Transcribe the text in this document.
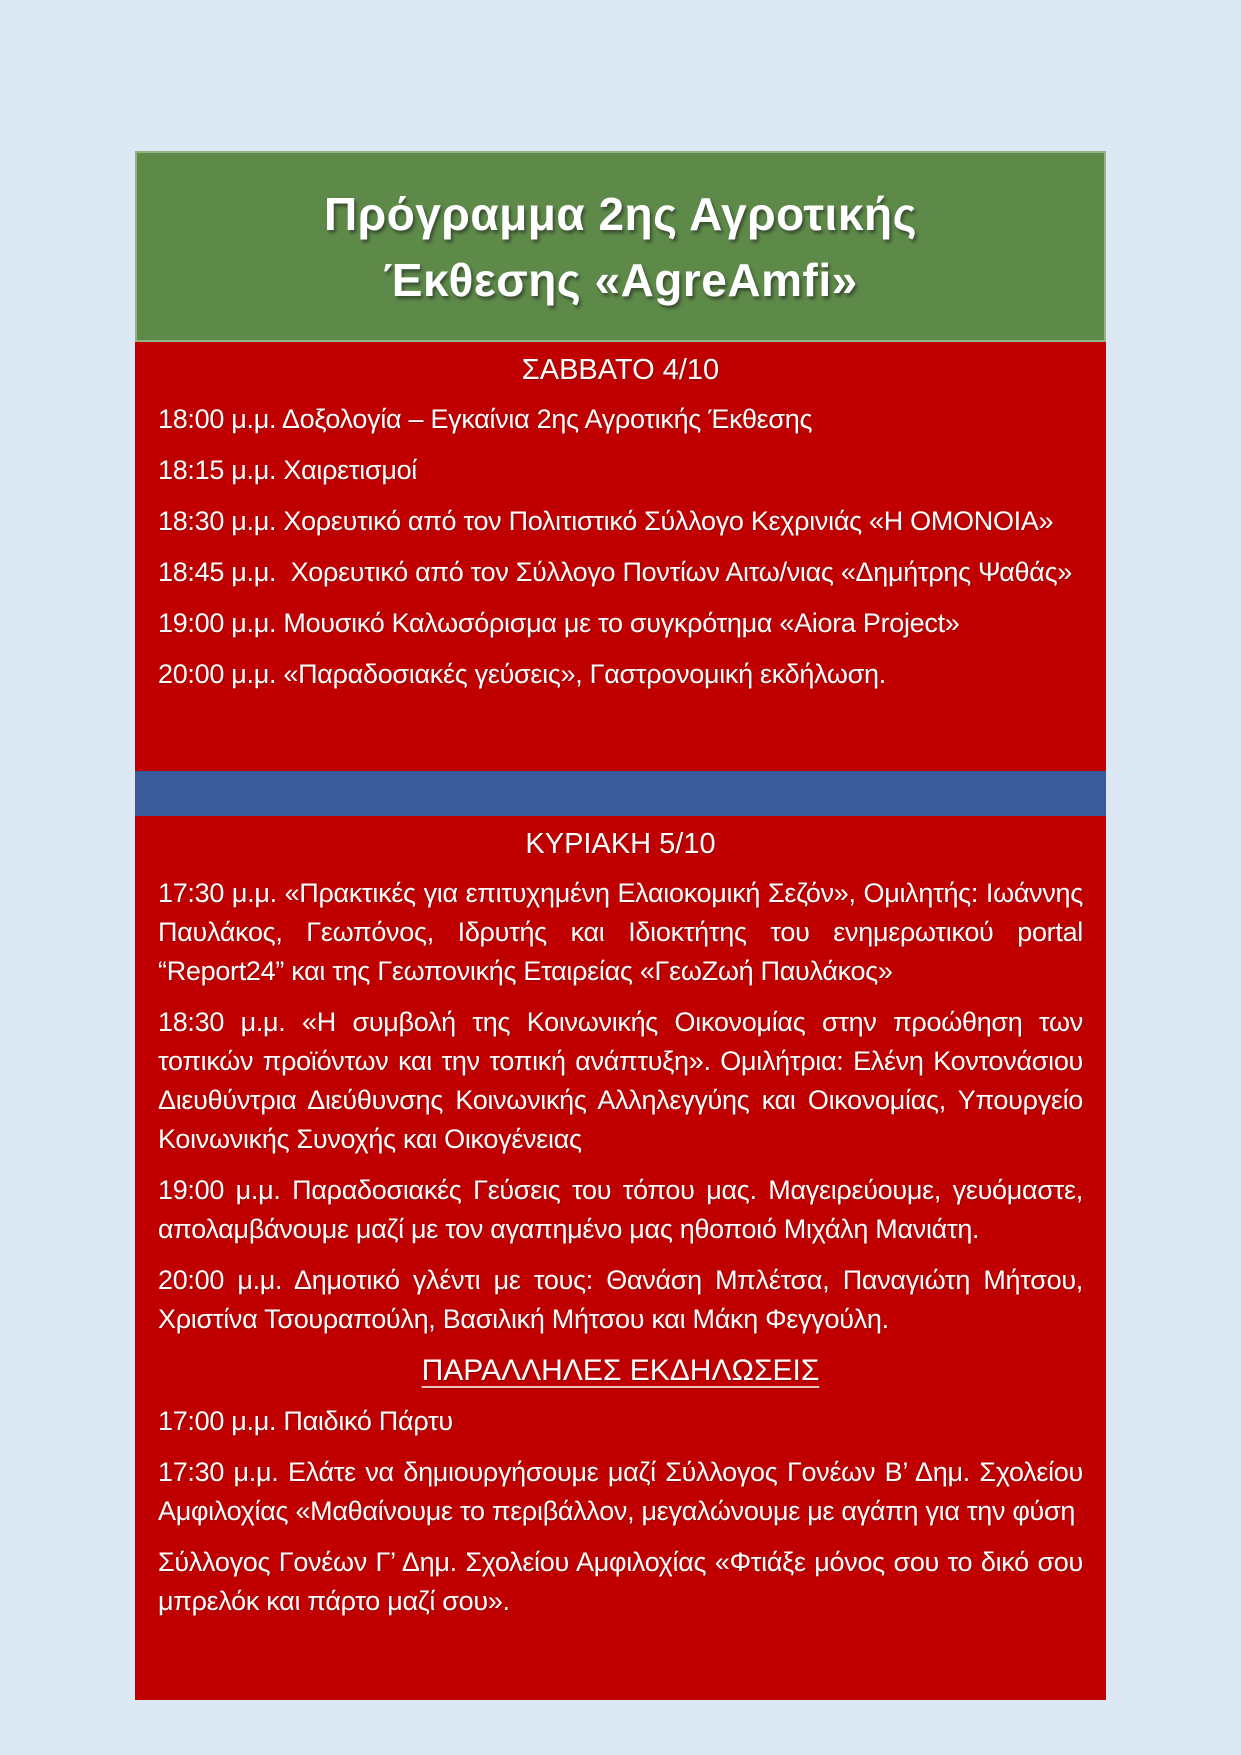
Πρόγραμμα 2ης Αγροτικής
Έκθεσης «AgreAmfi»
ΣΑΒΒΑΤΟ 4/10
18:00 μ.μ. Δοξολογία – Εγκαίνια 2ης Αγροτικής Έκθεσης
18:15 μ.μ. Χαιρετισμοί
18:30 μ.μ. Χορευτικό από τον Πολιτιστικό Σύλλογο Κεχρινιάς «Η ΟΜΟΝΟΙΑ»
18:45 μ.μ.  Χορευτικό από τον Σύλλογο Ποντίων Αιτω/νιας «Δημήτρης Ψαθάς»
19:00 μ.μ. Μουσικό Καλωσόρισμα με το συγκρότημα «Aiora Project»
20:00 μ.μ. «Παραδοσιακές γεύσεις», Γαστρονομική εκδήλωση.
ΚΥΡΙΑΚΗ 5/10
17:30 μ.μ. «Πρακτικές για επιτυχημένη Ελαιοκομική Σεζόν», Ομιλητής: Ιωάννης Παυλάκος, Γεωπόνος, Ιδρυτής και Ιδιοκτήτης του ενημερωτικού portal “Report24” και της Γεωπονικής Εταιρείας «ΓεωΖωή Παυλάκος»
18:30 μ.μ. «Η συμβολή της Κοινωνικής Οικονομίας στην προώθηση των τοπικών προϊόντων και την τοπική ανάπτυξη». Ομιλήτρια: Ελένη Κοντονάσιου Διευθύντρια Διεύθυνσης Κοινωνικής Αλληλεγγύης και Οικονομίας, Υπουργείο Κοινωνικής Συνοχής και Οικογένειας
19:00 μ.μ. Παραδοσιακές Γεύσεις του τόπου μας. Μαγειρεύουμε, γευόμαστε, απολαμβάνουμε μαζί με τον αγαπημένο μας ηθοποιό Μιχάλη Μανιάτη.
20:00 μ.μ. Δημοτικό γλέντι με τους: Θανάση Μπλέτσα, Παναγιώτη Μήτσου, Χριστίνα Τσουραπούλη, Βασιλική Μήτσου και Μάκη Φεγγούλη.
ΠΑΡΑΛΛΗΛΕΣ ΕΚΔΗΛΩΣΕΙΣ
17:00 μ.μ. Παιδικό Πάρτυ
17:30 μ.μ. Ελάτε να δημιουργήσουμε μαζί Σύλλογος Γονέων Β’ Δημ. Σχολείου Αμφιλοχίας «Μαθαίνουμε το περιβάλλον, μεγαλώνουμε με αγάπη για την φύση
Σύλλογος Γονέων Γ’ Δημ. Σχολείου Αμφιλοχίας «Φτιάξε μόνος σου το δικό σου μπρελόκ και πάρτο μαζί σου».
